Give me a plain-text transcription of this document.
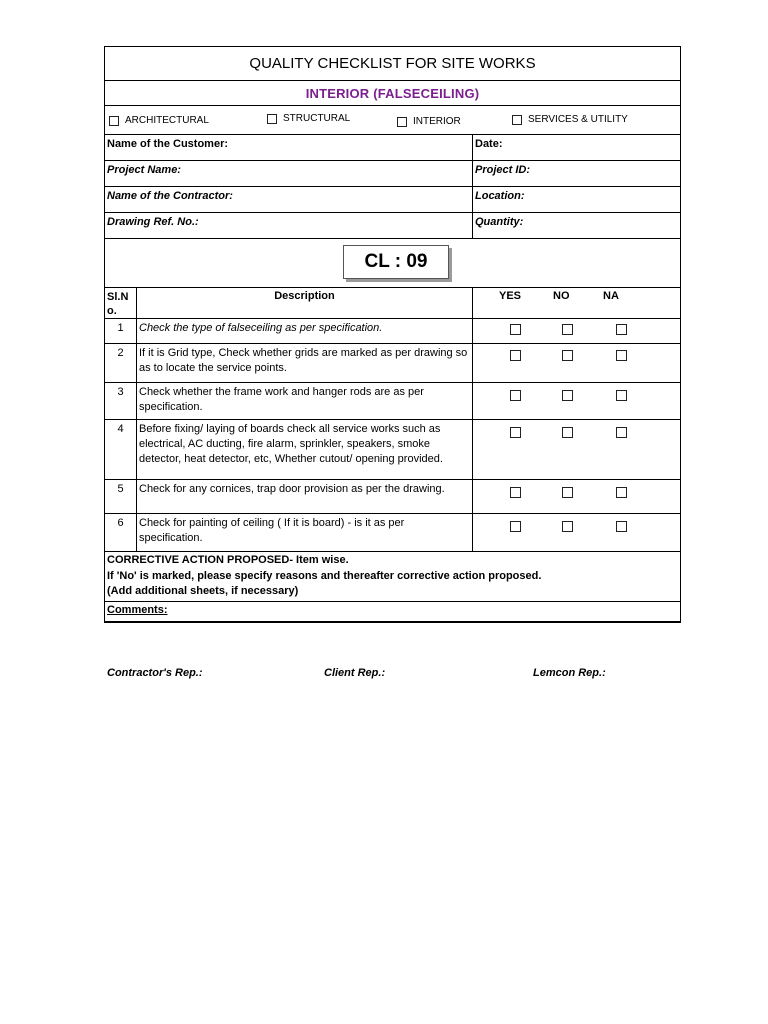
QUALITY CHECKLIST FOR SITE WORKS
INTERIOR (FALSECEILING)
ARCHITECTURAL	STRUCTURAL	INTERIOR	SERVICES & UTILITY
Name of the Customer:	Date:
Project Name:	Project ID:
Name of the Contractor:	Location:
Drawing Ref. No.:	Quantity:
CL : 09
Sl.N o.
Description	YES	NO	NA
1	Check the type of falseceiling as per specification.
2	If it is Grid type, Check whether grids are marked as per drawing so as to locate the service points.
3	Check whether the frame work and hanger rods are as per specification.
4	Before fixing/ laying of boards check all service works such as electrical, AC ducting, fire alarm, sprinkler, speakers, smoke detector, heat detector, etc, Whether cutout/ opening provided.
5	Check for any cornices, trap door provision as per the drawing.
6	Check for painting of ceiling ( If it is board) - is it as per specification.
CORRECTIVE ACTION PROPOSED- Item wise.
If 'No' is marked, please specify reasons and thereafter corrective action proposed.
(Add additional sheets, if necessary)
Comments:
Contractor's Rep.:	Client Rep.:	Lemcon Rep.:
